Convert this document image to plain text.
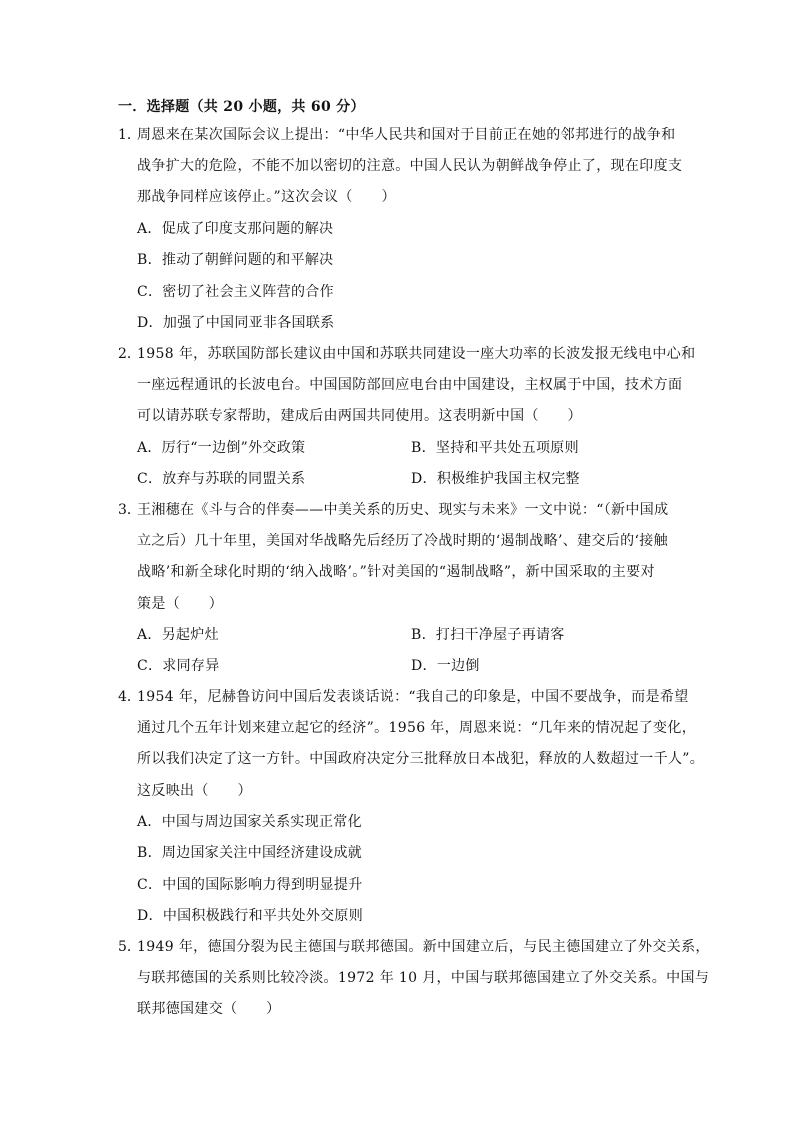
一．选择题（共 20 小题，共 60 分）
1．
周恩来在某次国际会议上提出：“中华人民共和国对于目前正在她的邻邦进行的战争和
战争扩大的危险，不能不加以密切的注意。中国人民认为朝鲜战争停止了，现在印度支
那战争同样应该停止。”这次会议（　　）
A．促成了印度支那问题的解决
B．推动了朝鲜问题的和平解决
C．密切了社会主义阵营的合作
D．加强了中国同亚非各国联系
2．
1958 年，苏联国防部长建议由中国和苏联共同建设一座大功率的长波发报无线电中心和
一座远程通讯的长波电台。中国国防部回应电台由中国建设，主权属于中国，技术方面
可以请苏联专家帮助，建成后由两国共同使用。这表明新中国（　　）
A．厉行“一边倒”外交政策	B．坚持和平共处五项原则
C．放弃与苏联的同盟关系	D．积极维护我国主权完整
3．
王湘穗在《斗与合的伴奏——中美关系的历史、现实与未来》一文中说：“（新中国成
立之后）几十年里，美国对华战略先后经历了冷战时期的‘遏制战略’、建交后的‘接触
战略’和新全球化时期的‘纳入战略’。”针对美国的“遏制战略”，新中国采取的主要对
策是（　　）
A．另起炉灶	B．打扫干净屋子再请客
C．求同存异	D．一边倒
4．
1954 年，尼赫鲁访问中国后发表谈话说：“我自己的印象是，中国不要战争，而是希望
通过几个五年计划来建立起它的经济”。1956 年，周恩来说：“几年来的情况起了变化，
所以我们决定了这一方针。中国政府决定分三批释放日本战犯，释放的人数超过一千人”。
这反映出（　　）
A．中国与周边国家关系实现正常化
B．周边国家关注中国经济建设成就
C．中国的国际影响力得到明显提升
D．中国积极践行和平共处外交原则
5．
1949 年，德国分裂为民主德国与联邦德国。新中国建立后，与民主德国建立了外交关系，
与联邦德国的关系则比较冷淡。1972 年 10 月，中国与联邦德国建立了外交关系。中国与
联邦德国建交（　　）
